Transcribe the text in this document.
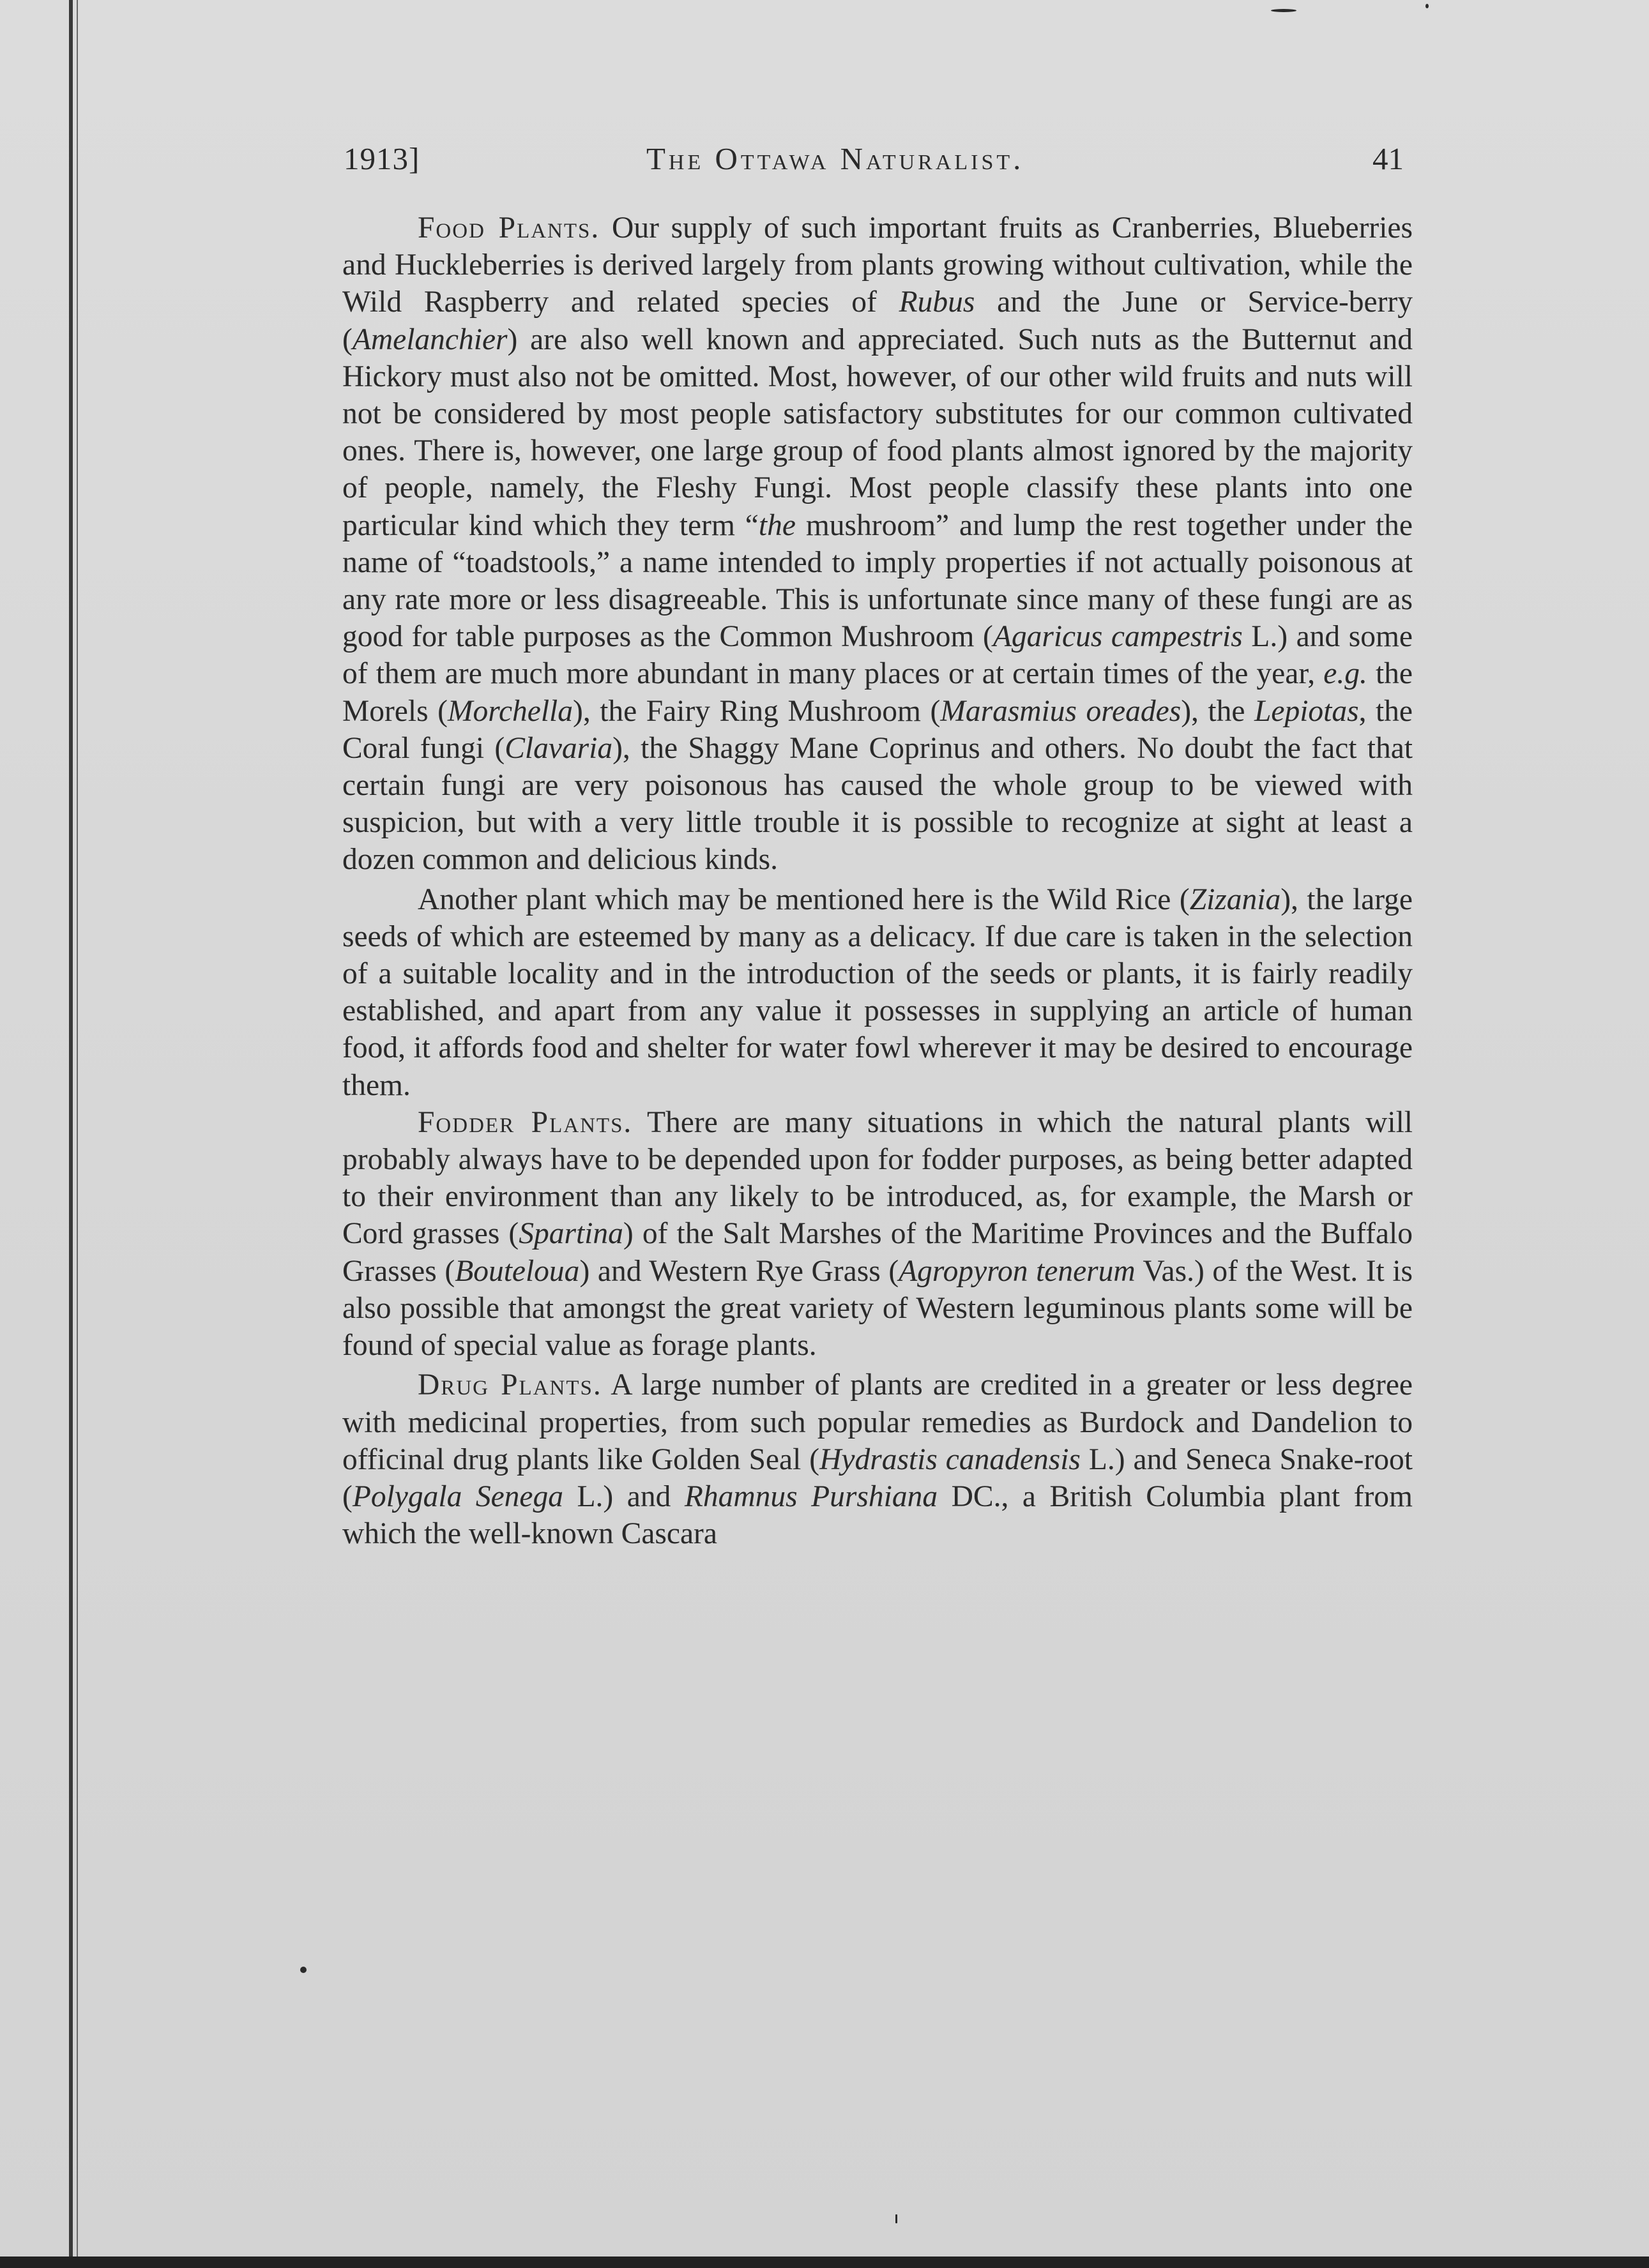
1913]	The Ottawa Naturalist.	41

Food Plants. Our supply of such important fruits as Cranberries, Blueberries and Huckleberries is derived largely from plants growing without cultivation, while the Wild Raspberry and related species of Rubus and the June or Service-berry (Amelanchier) are also well known and appreciated. Such nuts as the Butternut and Hickory must also not be omitted. Most, however, of our other wild fruits and nuts will not be considered by most people satisfactory substitutes for our common cultivated ones. There is, however, one large group of food plants almost ignored by the majority of people, namely, the Fleshy Fungi. Most people classify these plants into one particular kind which they term “the mushroom” and lump the rest together under the name of “toadstools,” a name intended to imply properties if not actually poisonous at any rate more or less disagreeable. This is unfortunate since many of these fungi are as good for table purposes as the Common Mushroom (Agaricus campestris L.) and some of them are much more abundant in many places or at certain times of the year, e.g. the Morels (Morchella), the Fairy Ring Mushroom (Marasmius oreades), the Lepiotas, the Coral fungi (Clavaria), the Shaggy Mane Coprinus and others. No doubt the fact that certain fungi are very poisonous has caused the whole group to be viewed with suspicion, but with a very little trouble it is possible to recognize at sight at least a dozen common and delicious kinds.

Another plant which may be mentioned here is the Wild Rice (Zizania), the large seeds of which are esteemed by many as a delicacy. If due care is taken in the selection of a suitable locality and in the introduction of the seeds or plants, it is fairly readily established, and apart from any value it possesses in supplying an article of human food, it affords food and shelter for water fowl wherever it may be desired to encourage them.

Fodder Plants. There are many situations in which the natural plants will probably always have to be depended upon for fodder purposes, as being better adapted to their environment than any likely to be introduced, as, for example, the Marsh or Cord grasses (Spartina) of the Salt Marshes of the Maritime Provinces and the Buffalo Grasses (Bouteloua) and Western Rye Grass (Agropyron tenerum Vas.) of the West. It is also possible that amongst the great variety of Western leguminous plants some will be found of special value as forage plants.

Drug Plants. A large number of plants are credited in a greater or less degree with medicinal properties, from such popular remedies as Burdock and Dandelion to officinal drug plants like Golden Seal (Hydrastis canadensis L.) and Seneca Snake-root (Polygala Senega L.) and Rhamnus Purshiana DC., a British Columbia plant from which the well-known Cascara
